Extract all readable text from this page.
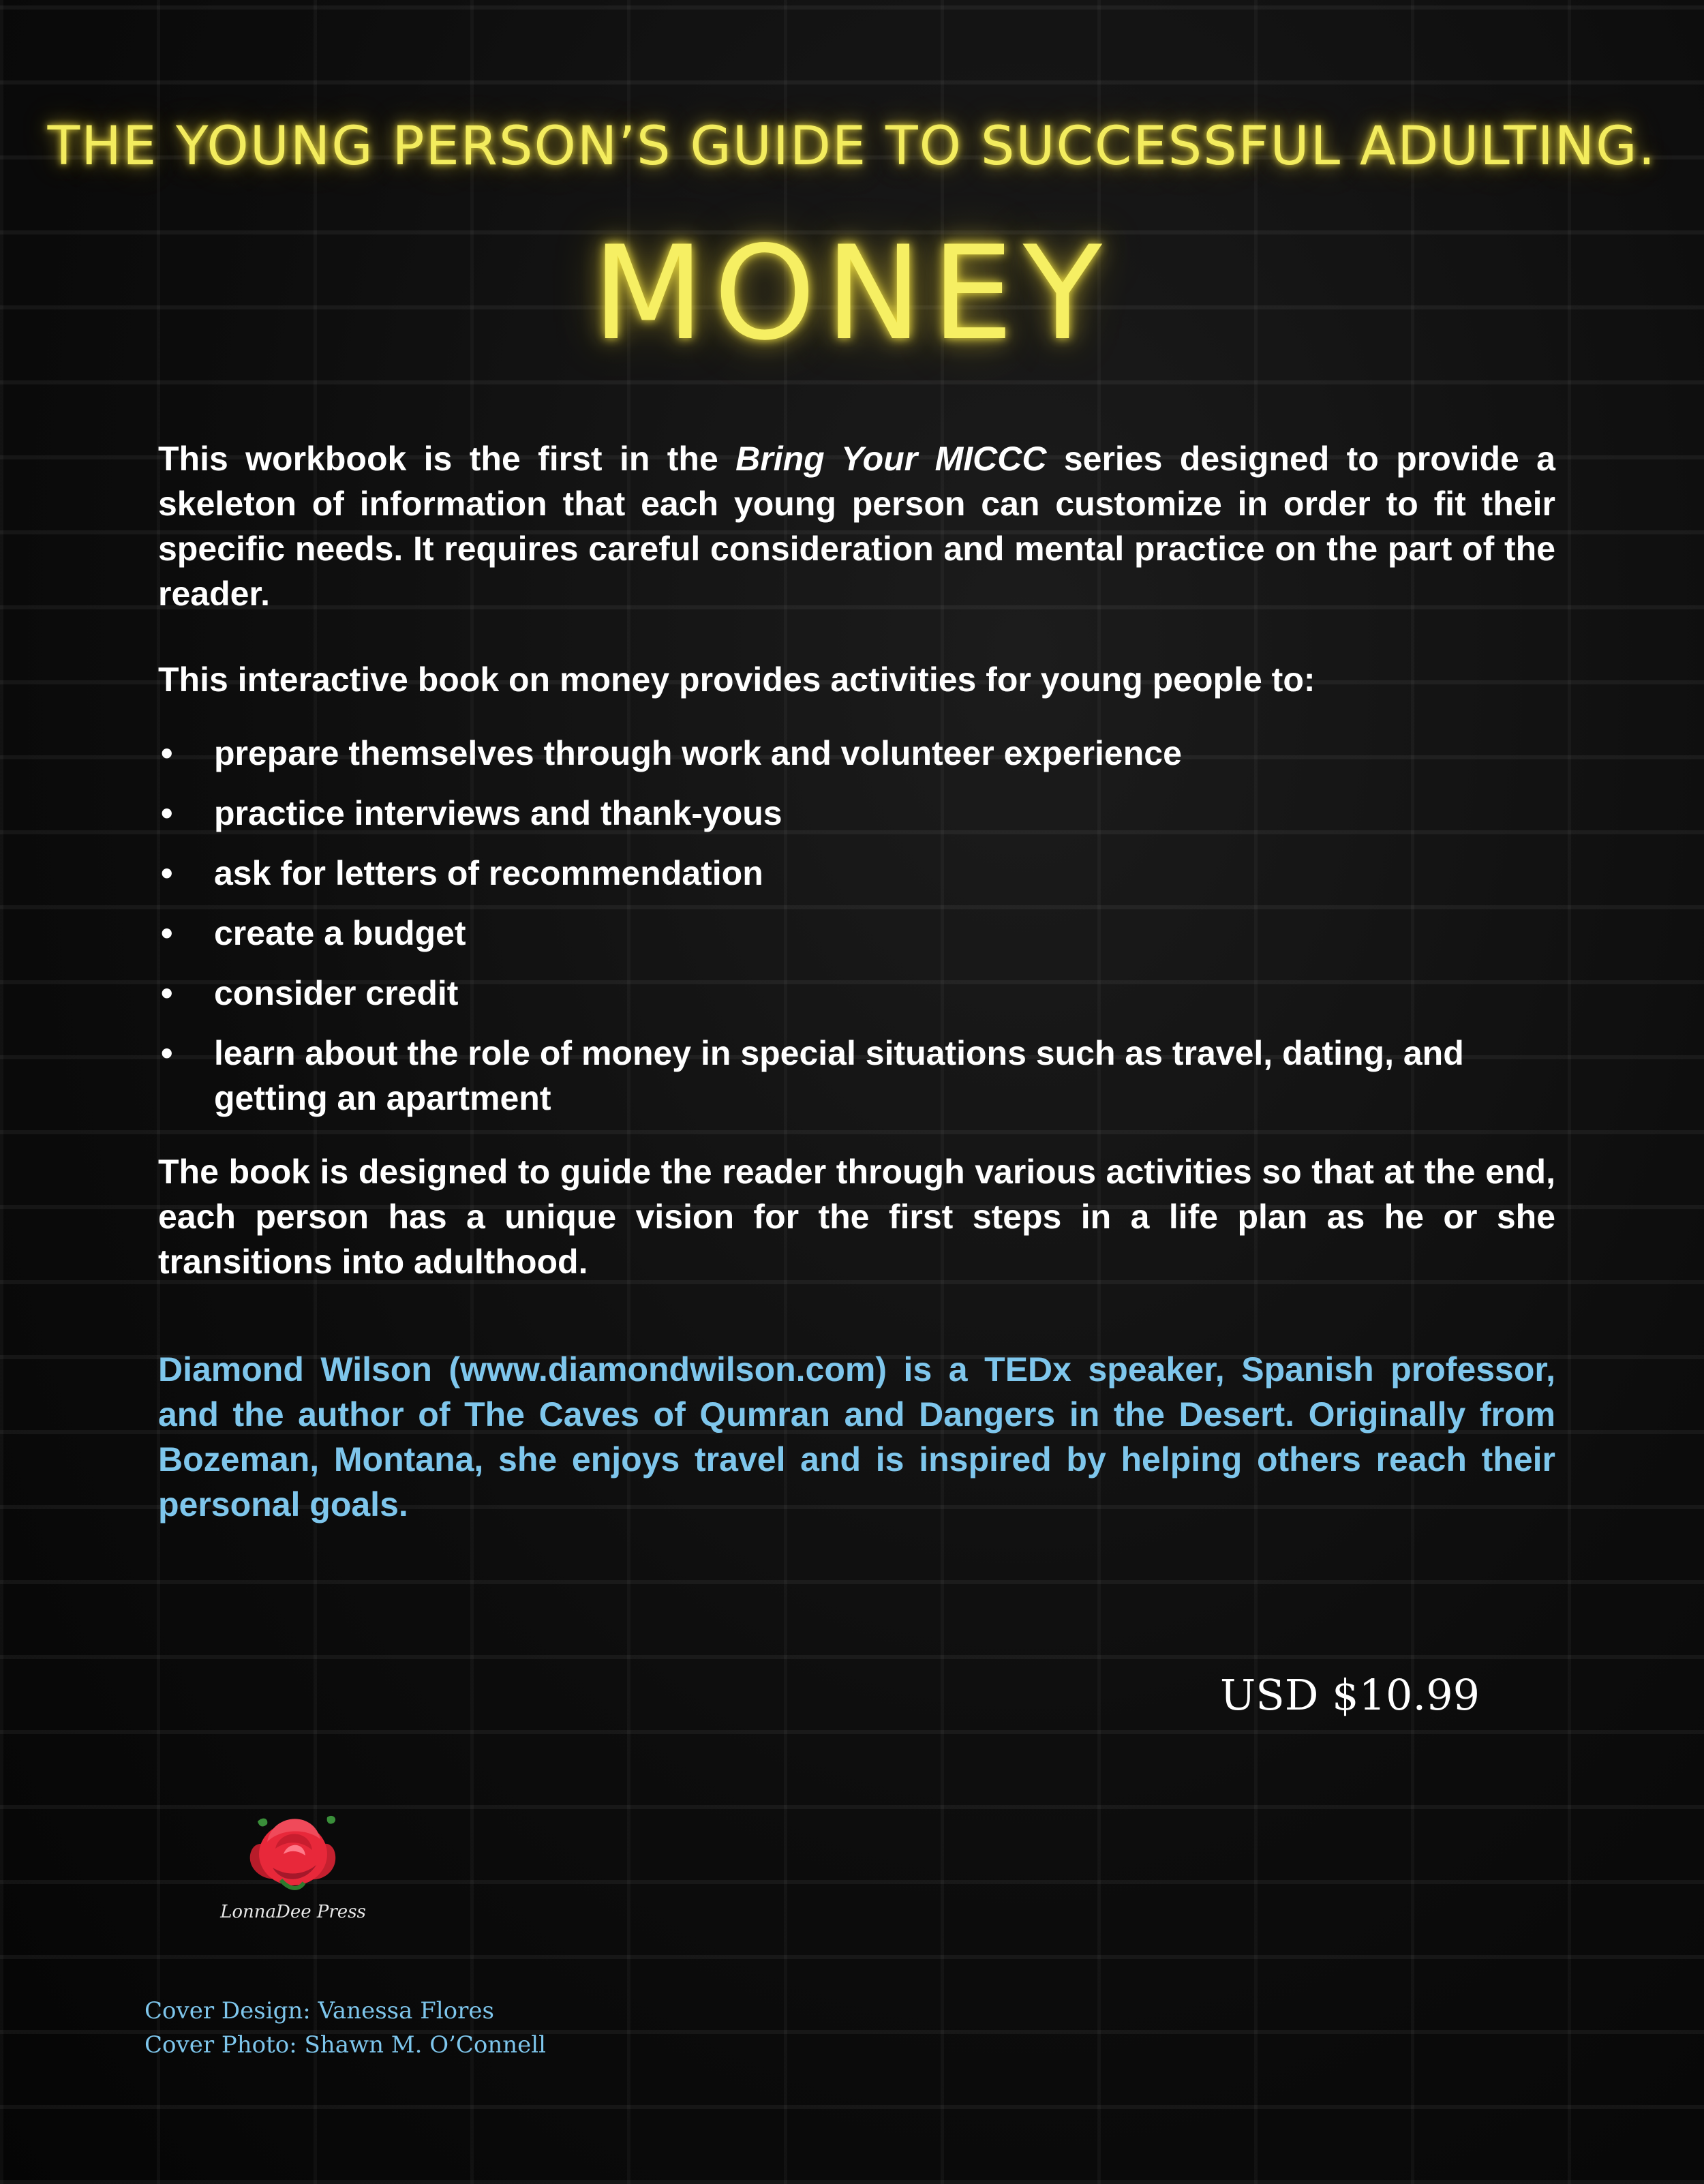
THE YOUNG PERSON’S GUIDE TO SUCCESSFUL ADULTING.
MONEY

This workbook is the first in the Bring Your MICCC series designed to provide a skeleton of information that each young person can customize in order to fit their specific needs. It requires careful consideration and mental practice on the part of the reader.

This interactive book on money provides activities for young people to:

• prepare themselves through work and volunteer experience
• practice interviews and thank-yous
• ask for letters of recommendation
• create a budget
• consider credit
• learn about the role of money in special situations such as travel, dating, and getting an apartment

The book is designed to guide the reader through various activities so that at the end, each person has a unique vision for the first steps in a life plan as he or she transitions into adulthood.

Diamond Wilson (www.diamondwilson.com) is a TEDx speaker, Spanish professor, and the author of The Caves of Qumran and Dangers in the Desert. Originally from Bozeman, Montana, she enjoys travel and is inspired by helping others reach their personal goals.

USD $10.99
LonnaDee Press
Cover Design: Vanessa Flores
Cover Photo: Shawn M. O’Connell
